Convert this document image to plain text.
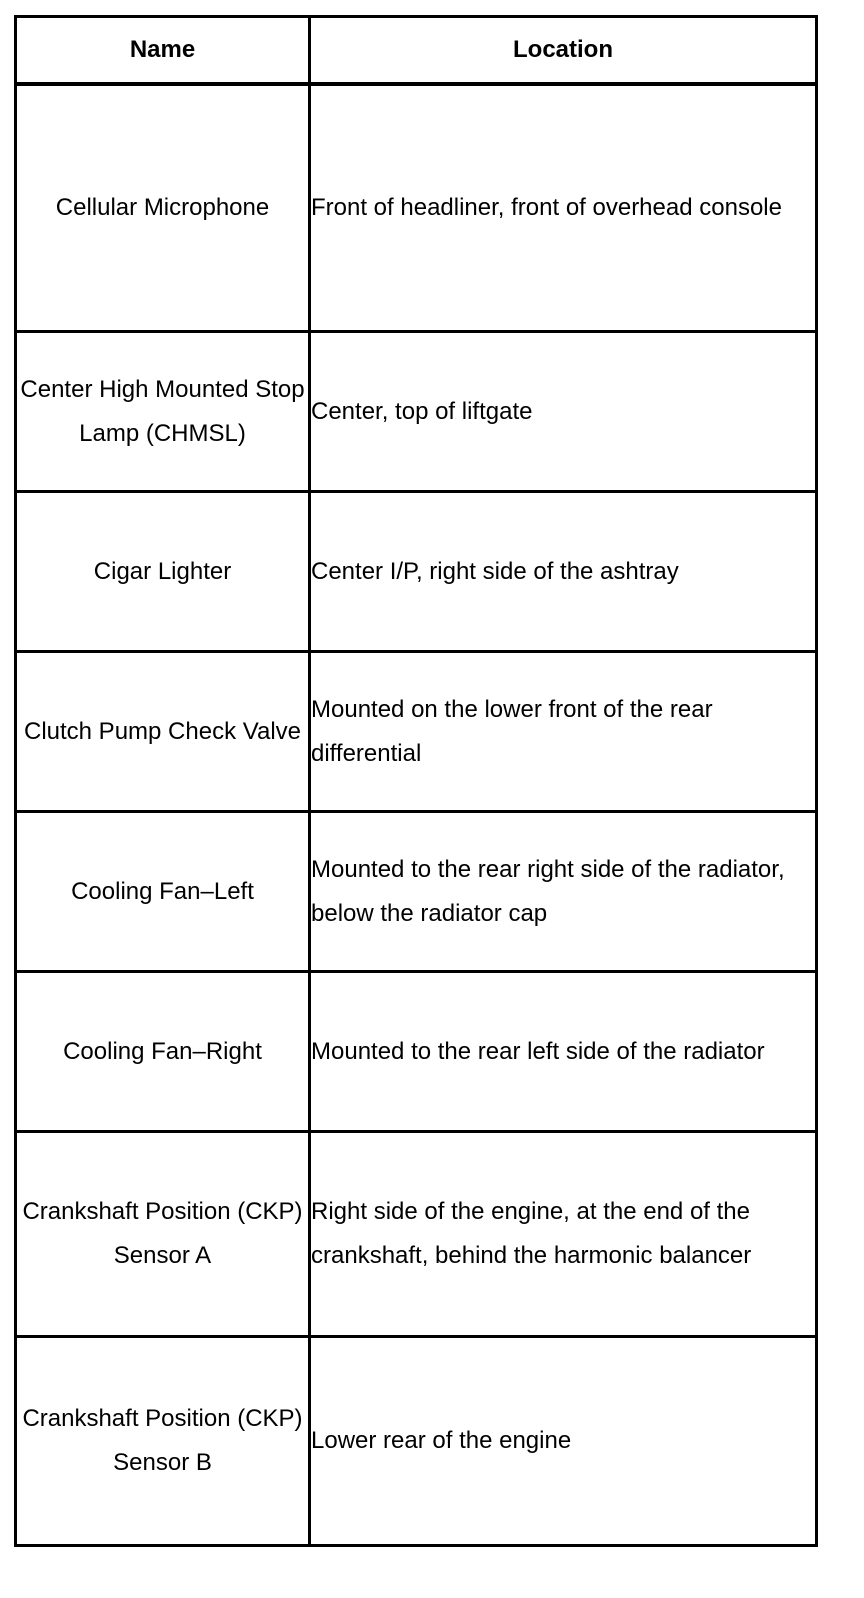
Name	Location
Cellular Microphone	Front of headliner, front of overhead console
Center High Mounted Stop Lamp (CHMSL)	Center, top of liftgate
Cigar Lighter	Center I/P, right side of the ashtray
Clutch Pump Check Valve	Mounted on the lower front of the rear differential
Cooling Fan–Left	Mounted to the rear right side of the radiator, below the radiator cap
Cooling Fan–Right	Mounted to the rear left side of the radiator
Crankshaft Position (CKP) Sensor A	Right side of the engine, at the end of the crankshaft, behind the harmonic balancer
Crankshaft Position (CKP) Sensor B	Lower rear of the engine
